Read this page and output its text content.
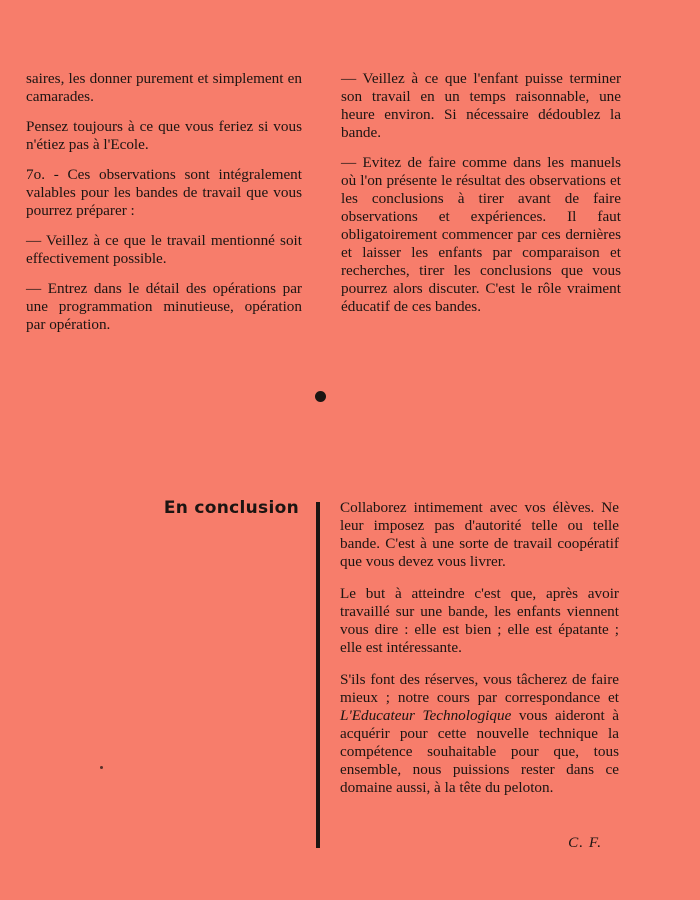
saires, les donner purement et simplement en camarades.

Pensez toujours à ce que vous feriez si vous n'étiez pas à l'Ecole.

7o. - Ces observations sont intégralement valables pour les bandes de travail que vous pourrez préparer :

— Veillez à ce que le travail mentionné soit effectivement possible.

— Entrez dans le détail des opérations par une programmation minutieuse, opération par opération.

— Veillez à ce que l'enfant puisse terminer son travail en un temps raisonnable, une heure environ. Si nécessaire dédoublez la bande.

— Evitez de faire comme dans les manuels où l'on présente le résultat des observations et les conclusions à tirer avant de faire observations et expériences. Il faut obligatoirement commencer par ces dernières et laisser les enfants par comparaison et recherches, tirer les conclusions que vous pourrez alors discuter. C'est le rôle vraiment éducatif de ces bandes.

En conclusion	Collaborez intimement avec vos élèves. Ne leur imposez pas d'autorité telle ou telle bande. C'est à une sorte de travail coopératif que vous devez vous livrer.

Le but à atteindre c'est que, après avoir travaillé sur une bande, les enfants viennent vous dire : elle est bien ; elle est épatante ; elle est intéressante.

S'ils font des réserves, vous tâcherez de faire mieux ; notre cours par correspondance et L'Educateur Technologique vous aideront à acquérir pour cette nouvelle technique la compétence souhaitable pour que, tous ensemble, nous puissions rester dans ce domaine aussi, à la tête du peloton.

C. F.
